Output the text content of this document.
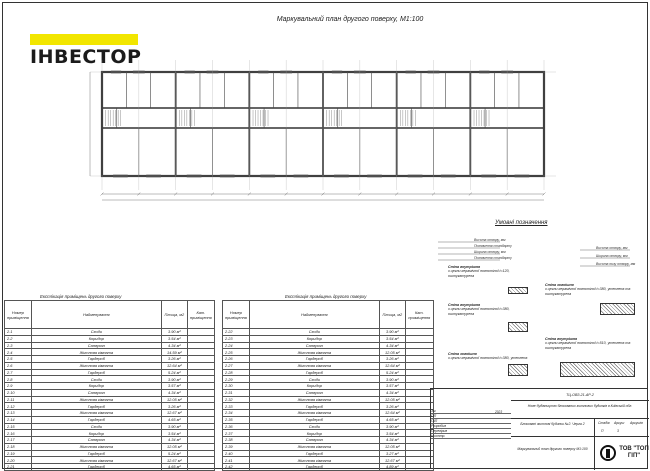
ІНВЕСТОР
Маркувальний план другого поверху, М1:100
Умовні позначення
Висота отвору, мм
Позначення стандарту
Ширина отвору, мм
Позначення стандарту
Висота отвору, мм
Ширина отвору, мм
Висота низу отвору, мм
Стіна внутрішня
з цегли керамічної повнотілої t=120, оштукатурена
Стіна внутрішня
з цегли керамічної повнотілої t=380, оштукатурена
Стіна зовнішня
з цегли керамічної повнотілої t=380, утеплена
Стіна зовнішня
з цегли керамічної повнотілої t=380, утеплена та оштукатурена
Стіна внутрішня
з цегли керамічної повнотілої t=510, утеплена та оштукатурена
Експлікація приміщень другого поверху
Номер приміщення	Найменування	Площа, м2	Кат. приміщення
2.1	Сходи	3.90 м²	
2.2	Коридор	3.54 м²	
2.3	Санвузол	4.34 м²	
2.4	Житлова кімната	14.59 м²	
2.5	Гардероб	3.26 м²	
2.6	Житлова кімната	12.64 м²	
2.7	Гардероб	5.24 м²	
2.8	Сходи	3.90 м²	
2.9	Коридор	3.57 м²	
2.10	Санвузол	4.34 м²	
2.11	Житлова кімната	12.05 м²	
2.12	Гардероб	3.26 м²	
2.13	Житлова кімната	12.67 м²	
2.14	Гардероб	4.65 м²	
2.15	Сходи	3.90 м²	
2.16	Коридор	3.54 м²	
2.17	Санвузол	4.34 м²	
2.18	Житлова кімната	12.05 м²	
2.19	Гардероб	5.24 м²	
2.20	Житлова кімната	12.67 м²	
2.21	Гардероб	4.65 м²	
Експлікація приміщень другого поверху
Номер приміщення	Найменування	Площа, м2	Кат. приміщення
2.22	Сходи	3.90 м²	
2.23	Коридор	3.54 м²	
2.24	Санвузол	4.34 м²	
2.25	Житлова кімната	12.05 м²	
2.26	Гардероб	3.26 м²	
2.27	Житлова кімната	12.64 м²	
2.28	Гардероб	5.24 м²	
2.29	Сходи	3.90 м²	
2.30	Коридор	3.57 м²	
2.31	Санвузол	4.34 м²	
2.32	Житлова кімната	12.05 м²	
2.33	Гардероб	3.26 м²	
2.34	Житлова кімната	12.64 м²	
2.35	Гардероб	4.65 м²	
2.36	Сходи	3.90 м²	
2.37	Коридор	3.54 м²	
2.38	Санвузол	4.34 м²	
2.39	Житлова кімната	12.05 м²	
2.40	Гардероб	3.27 м²	
2.41	Житлова кімната	12.67 м²	
2.42	Гардероб	4.89 м²	
Зм.
ГІП
ГАП
Розробив
Перевірив
Н.контр.
2023
ТЦ-ОВЗ-21-АР-2
Нове будівництво блокованих житлових будинків в Київській обл.
Блоковані житлові будинки №2. Черга 2	Стадія Аркуш Аркушів
П	3
Маркувальний план другого поверху М1:100	ТОВ "ТОП ГІП"
